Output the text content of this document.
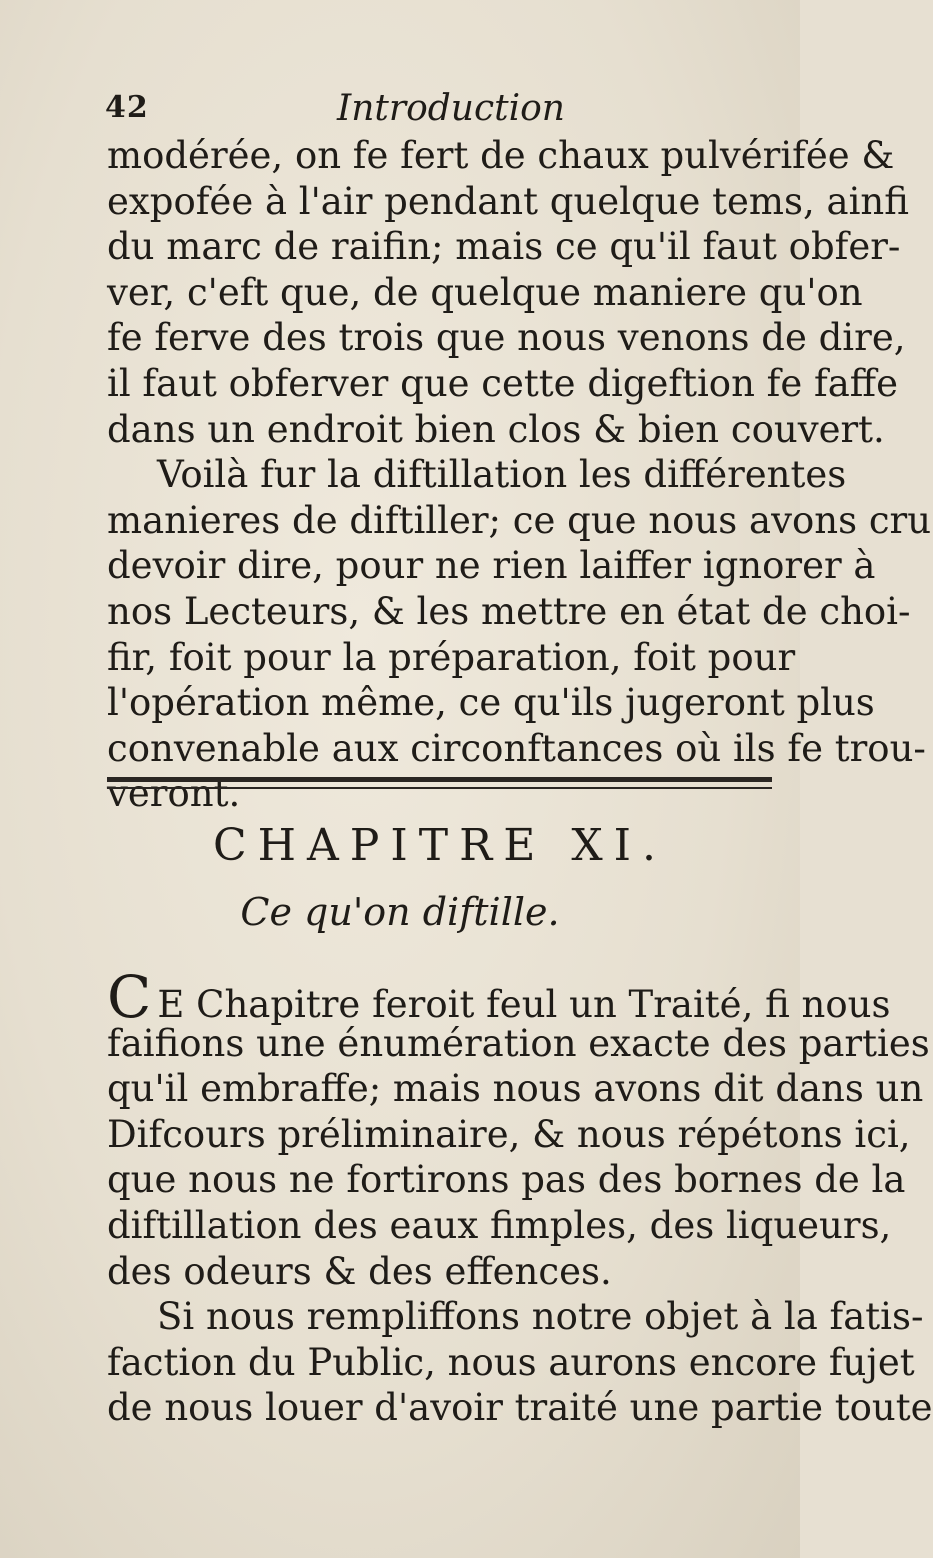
42	Introduction
modérée, on fe fert de chaux pulvérifée &
expofée à l'air pendant quelque tems, ainfi
du marc de raifin; mais ce qu'il faut obfer-
ver, c'eft que, de quelque maniere qu'on
fe ferve des trois que nous venons de dire,
il faut obferver que cette digeftion fe faffe
dans un endroit bien clos & bien couvert.
Voilà fur la diftillation les différentes
manieres de diftiller; ce que nous avons cru
devoir dire, pour ne rien laiffer ignorer à
nos Lecteurs, & les mettre en état de choi-
fir, foit pour la préparation, foit pour
l'opération même, ce qu'ils jugeront plus
convenable aux circonftances où ils fe trou-
veront.
CHAPITRE XI.
Ce qu'on diftille.
C E Chapitre feroit feul un Traité, fi nous
faifions une énumération exacte des parties
qu'il embraffe; mais nous avons dit dans un
Difcours préliminaire, & nous répétons ici,
que nous ne fortirons pas des bornes de la
diftillation des eaux fimples, des liqueurs,
des odeurs & des effences.
Si nous rempliffons notre objet à la fatis-
faction du Public, nous aurons encore fujet
de nous louer d'avoir traité une partie toute
